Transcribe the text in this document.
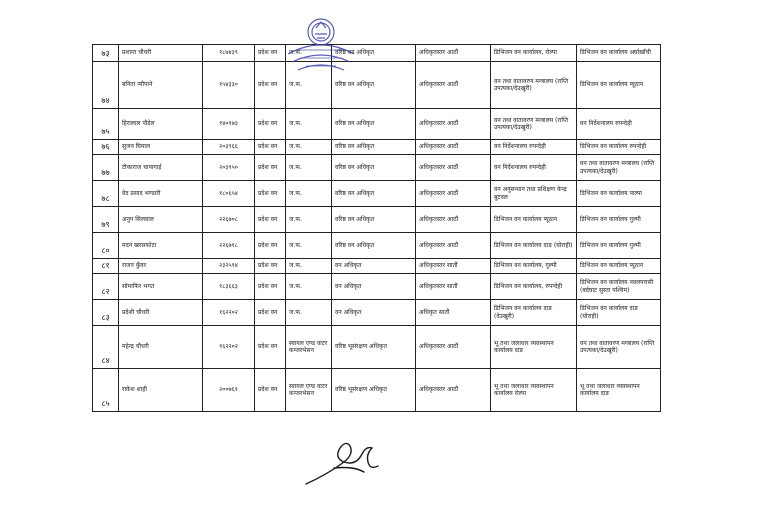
७३	प्रशान्त चौधरी	१८७४३९	प्रदेश वन	ज.फ.	वरिष्ठ वन अधिकृत	अधिकृतस्तर आठौं	डिभिजन वन कार्यालय, रोल्पा	डिभिजन वन कार्यालय अर्घाखाँची
७४	बनिता न्यौपाने	१५४३३०	प्रदेश वन	ज.फ.	वरिष्ठ वन अधिकृत	अधिकृतस्तर आठौं	वन तथा वातावरण मन्त्रालय (राप्ति उपत्यका/देउखुरी)	डिभिजन वन कार्यालय प्यूठान
७५	हिरालाल पौडेल	१४०१७३	प्रदेश वन	ज.फ.	वरिष्ठ वन अधिकृत	अधिकृतस्तर आठौं	वन तथा वातावरण मन्त्रालय (राप्ति उपत्यका/देउखुरी)	वन निर्देशनालय रुपन्देही
७६	सुजन घिमाल	२०३९६६	प्रदेश वन	ज.फ.	वरिष्ठ वन अधिकृत	अधिकृतस्तर आठौं	वन निर्देशनालय रुपन्देही	डिभिजन वन कार्यालय रुपन्देही
७७	टीकाराज चापागाई	२०३९५०	प्रदेश वन	ज.फ.	वरिष्ठ वन अधिकृत	अधिकृतस्तर आठौं	वन निर्देशनालय रुपन्देही	वन तथा वातावरण मन्त्रालय (राप्ति उपत्यका/देउखुरी)
७८	वेद प्रसाद भण्डारी	१८०६५४	प्रदेश वन	ज.फ.	वरिष्ठ वन अधिकृत	अधिकृतस्तर आठौं	वन अनुसन्धान तथा प्रशिक्षण केन्द्र बुटवल	डिभिजन वन कार्यालय पाल्पा
७९	अनुप सिलवाल	२२६७०८	प्रदेश वन	ज.फ.	वरिष्ठ वन अधिकृत	अधिकृतस्तर आठौं	डिभिजन वन कार्यालय प्यूठान	डिभिजन वन कार्यालय गुल्मी
८०	मदन खरसकोटा	२२६७१८	प्रदेश वन	ज.फ.	वरिष्ठ वन अधिकृत	अधिकृतस्तर आठौं	डिभिजन वन कार्यालय दाङ (घोराही)	डिभिजन वन कार्यालय गुल्मी
८१	राजन कुँवर	२३२५१४	प्रदेश वन	ज.फ.	वन अधिकृत	अधिकृतस्तर सातौं	डिभिजन वन कार्यालय, गुल्मी	डिभिजन वन कार्यालय प्यूठान
८२	सोमाफिर भगत	१८३६६३	प्रदेश वन	ज.फ.	वन अधिकृत	अधिकृतस्तर सातौं	डिभिजन वन कार्यालय, रुपन्देही	डिभिजन वन कार्यालय नवलपरासी (बर्दघाट सुस्ता पश्चिम)
८३	प्रदेशी चौधरी	१६२२०२	प्रदेश वन	ज.फ.	वन अधिकृत	अधिकृत सातौं	डिभिजन वन कार्यालय दाङ (देउखुरी)	डिभिजन वन कार्यालय दाङ (घोराही)
८४	महेन्द्र चौधरी	१६२२०२	प्रदेश वन	स्वायल एण्ड वाटर कन्जरभेसन	वरिष्ठ भूसंरक्षण अधिकृत	अधिकृतस्तर आठौं	भू तथा जलाधार व्यवस्थापन कार्यालय दाङ	वन तथा वातावरण मन्त्रालय (राप्ति उपत्यका/देउखुरी)
८५	राकेश शाही	२००७६१	प्रदेश वन	स्वायल एण्ड वाटर कन्जरभेसन	वरिष्ठ भूसंरक्षण अधिकृत	अधिकृतस्तर आठौं	भू तथा जलाधार व्यवस्थापन कार्यालय रोल्पा	भू तथा जलाधार व्यवस्थापन कार्यालय दाङ
